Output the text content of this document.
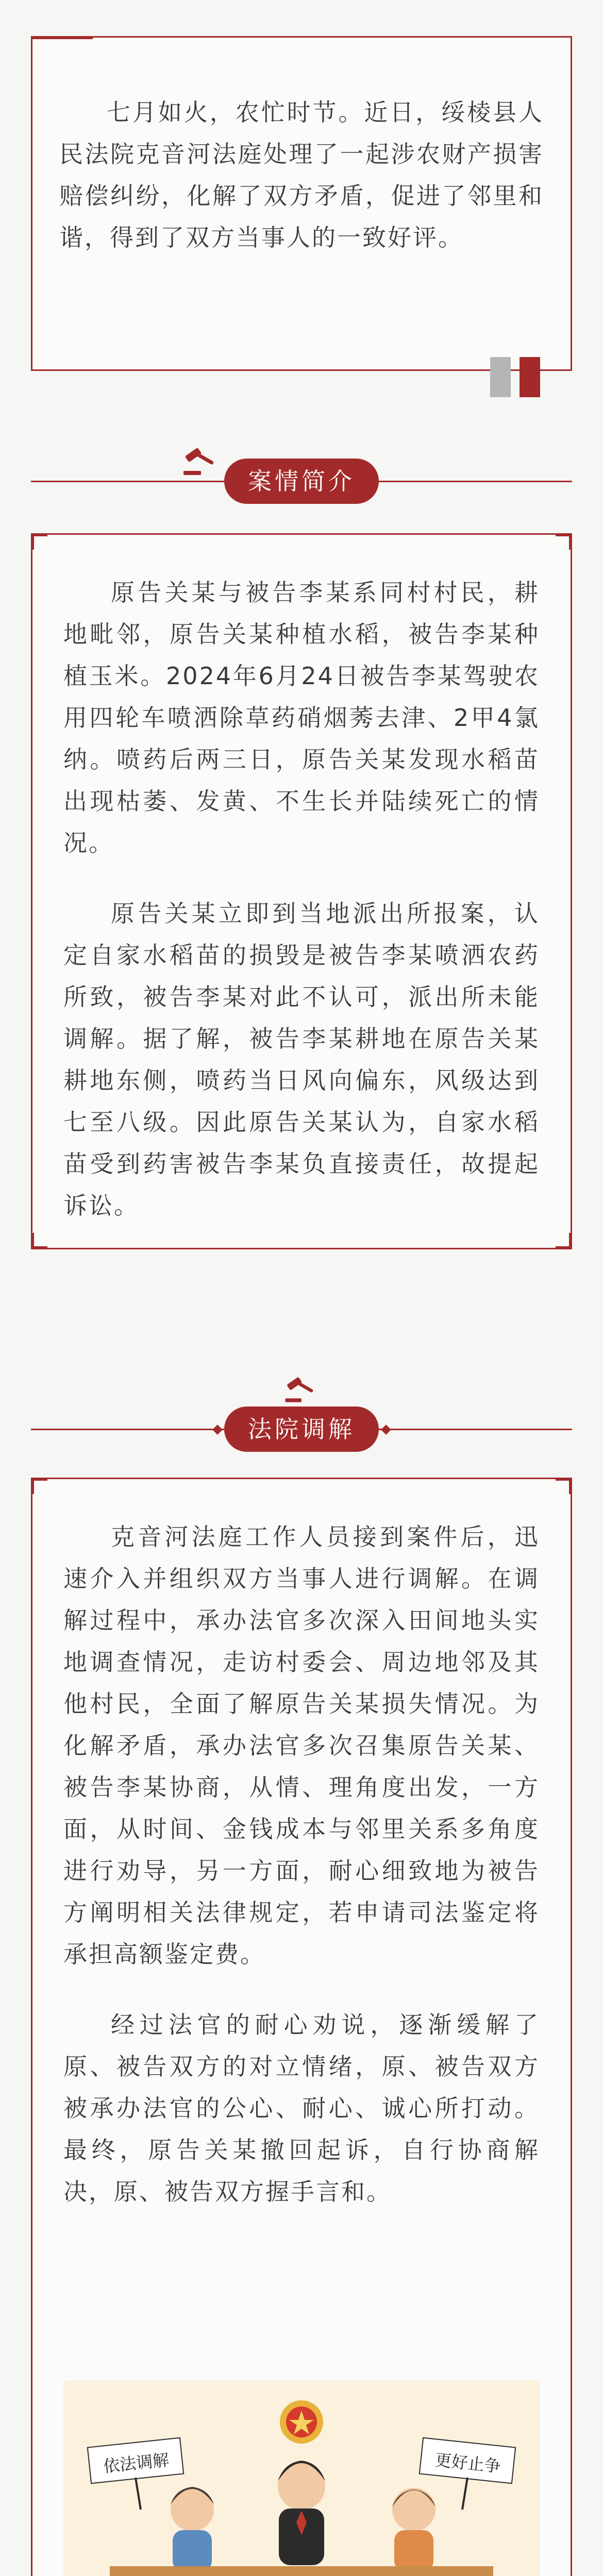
七月如火，农忙时节。近日，绥棱县人民法院克音河法庭处理了一起涉农财产损害赔偿纠纷，化解了双方矛盾，促进了邻里和谐，得到了双方当事人的一致好评。

案情简介

原告关某与被告李某系同村村民，耕地毗邻，原告关某种植水稻，被告李某种植玉米。2024年6月24日被告李某驾驶农用四轮车喷洒除草药硝烟莠去津、2甲4氯纳。喷药后两三日，原告关某发现水稻苗出现枯萎、发黄、不生长并陆续死亡的情况。

原告关某立即到当地派出所报案，认定自家水稻苗的损毁是被告李某喷洒农药所致，被告李某对此不认可，派出所未能调解。据了解，被告李某耕地在原告关某耕地东侧，喷药当日风向偏东，风级达到七至八级。因此原告关某认为，自家水稻苗受到药害被告李某负直接责任，故提起诉讼。

法院调解

克音河法庭工作人员接到案件后，迅速介入并组织双方当事人进行调解。在调解过程中，承办法官多次深入田间地头实地调查情况，走访村委会、周边地邻及其他村民，全面了解原告关某损失情况。为化解矛盾，承办法官多次召集原告关某、被告李某协商，从情、理角度出发，一方面，从时间、金钱成本与邻里关系多角度进行劝导，另一方面，耐心细致地为被告方阐明相关法律规定，若申请司法鉴定将承担高额鉴定费。

经过法官的耐心劝说，逐渐缓解了原、被告双方的对立情绪，原、被告双方被承办法官的公心、耐心、诚心所打动。最终，原告关某撤回起诉，自行协商解决，原、被告双方握手言和。

依法调解	更好止争
